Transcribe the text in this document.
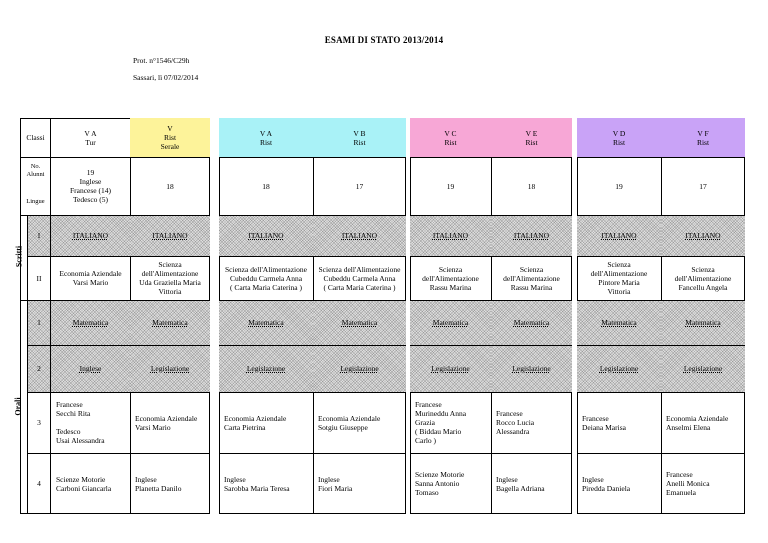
ESAMI DI STATO 2013/2014
Prot. n°1546/C29h
Sassari, lì 07/02/2014
Classi
No. Alunni
Lingue
Scritti
Orali
I
II
1
2
3
4
V A
Tur
19
Inglese
Francese (14)
Tedesco (5)
ITALIANO
Economia Aziendale
Varsi Mario
Matematica
Inglese
Francese
Secchi Rita

Tedesco
Usai Alessandra
Scienze Motorie
Carboni Giancarla
V
Rist
Serale
18
ITALIANO
Scienza
dell'Alimentazione
Uda Graziella Maria
Vittoria
Matematica
Legislazione
Economia Aziendale
Varsi Mario
Inglese
Planetta Danilo
V A
Rist
18
ITALIANO
Scienza dell'Alimentazione
Cubeddu Carmela Anna
( Carta Maria Caterina )
Matematica
Legislazione
Economia Aziendale
Carta Pietrina
Inglese
Sarobba Maria Teresa
V B
Rist
17
ITALIANO
Scienza dell'Alimentazione
Cubeddu Carmela Anna
( Carta Maria Caterina )
Matematica
Legislazione
Economia Aziendale
Sotgiu Giuseppe
Inglese
Fiori Maria
V C
Rist
19
ITALIANO
Scienza
dell'Alimentazione
Rassu Marina
Matematica
Legislazione
Francese
Murineddu Anna
Grazia
( Biddau Mario
Carlo )
Scienze Motorie
Sanna Antonio
Tomaso
V E
Rist
18
ITALIANO
Scienza
dell'Alimentazione
Rassu Marina
Matematica
Legislazione
Francese
Rocco Lucia
Alessandra
Inglese
Bagella Adriana
V D
Rist
19
ITALIANO
Scienza
dell'Alimentazione
Pintore Maria
Vittoria
Matematica
Legislazione
Francese
Deiana Marisa
Inglese
Piredda Daniela
V F
Rist
17
ITALIANO
Scienza
dell'Alimentazione
Fancellu Angela
Matematica
Legislazione
Economia Aziendale
Anselmi Elena
Francese
Anelli Monica
Emanuela
